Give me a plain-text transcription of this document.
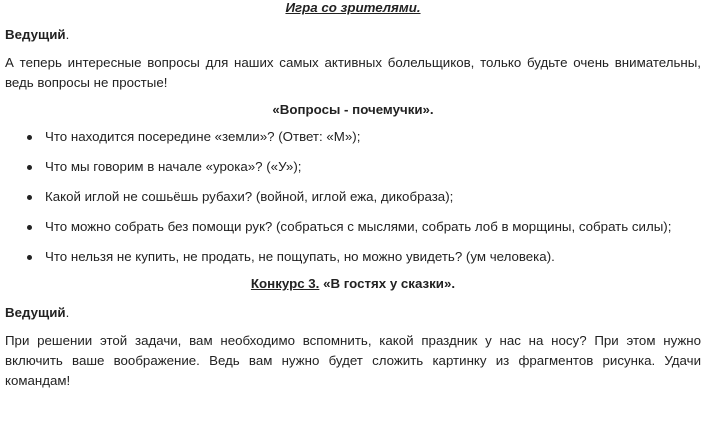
Игра со зрителями.

Ведущий.

А теперь интересные вопросы для наших самых активных болельщиков, только будьте очень внимательны, ведь вопросы не простые!

«Вопросы - почемучки».

Что находится посередине «земли»? (Ответ: «М»);
Что мы говорим в начале «урока»? («У»);
Какой иглой не сошьёшь рубахи? (войной, иглой ежа, дикобраза);
Что можно собрать без помощи рук? (собраться с мыслями, собрать лоб в морщины, собрать силы);
Что нельзя не купить, не продать, не пощупать, но можно увидеть? (ум человека).

Конкурс 3. «В гостях у сказки».

Ведущий.

При решении этой задачи, вам необходимо вспомнить, какой праздник у нас на носу? При этом нужно включить ваше воображение. Ведь вам нужно будет сложить картинку из фрагментов рисунка. Удачи командам!
